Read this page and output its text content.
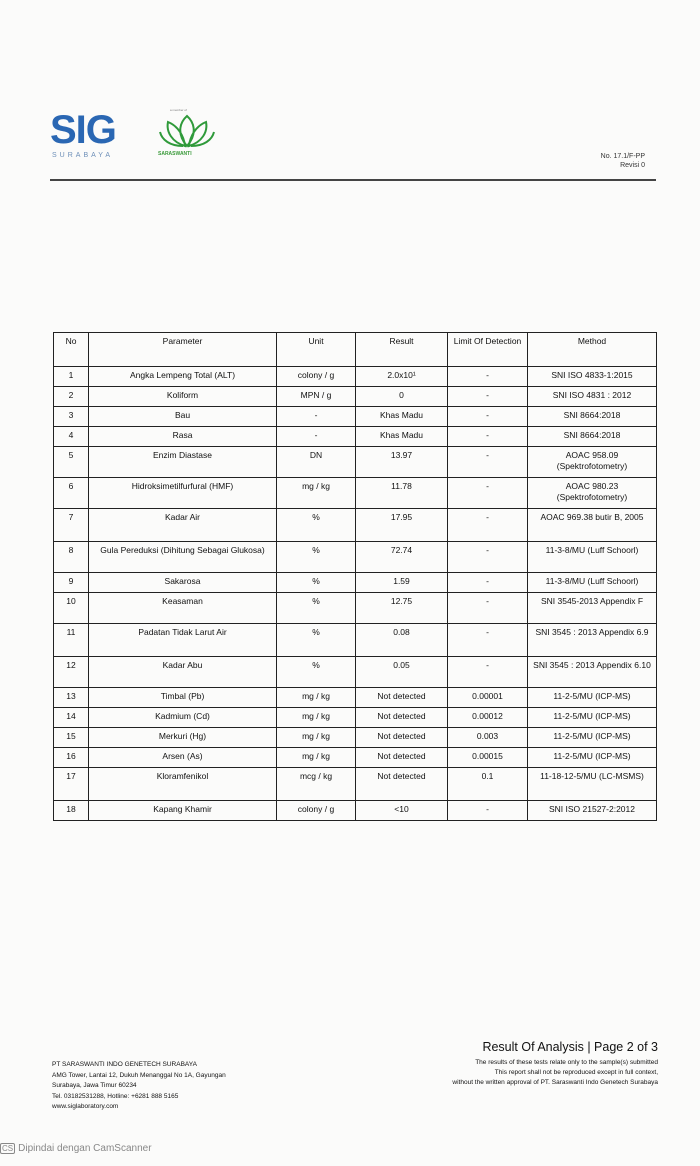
SIG
SURABAYA
a member of
SARASWANTI	No. 17.1/F-PP
Revisi 0
No	Parameter	Unit	Result	Limit Of Detection	Method
1	Angka Lempeng Total (ALT)	colony / g	2.0x10¹	-	SNI ISO 4833-1:2015
2	Koliform	MPN / g	0	-	SNI ISO 4831 : 2012
3	Bau	-	Khas Madu	-	SNI 8664:2018
4	Rasa	-	Khas Madu	-	SNI 8664:2018
5	Enzim Diastase	DN	13.97	-	AOAC 958.09 (Spektrofotometry)
6	Hidroksimetilfurfural (HMF)	mg / kg	11.78	-	AOAC 980.23 (Spektrofotometry)
7	Kadar Air	%	17.95	-	AOAC 969.38 butir B, 2005
8	Gula Pereduksi (Dihitung Sebagai Glukosa)	%	72.74	-	11-3-8/MU (Luff Schoorl)
9	Sakarosa	%	1.59	-	11-3-8/MU (Luff Schoorl)
10	Keasaman	%	12.75	-	SNI 3545-2013 Appendix F
11	Padatan Tidak Larut Air	%	0.08	-	SNI 3545 : 2013 Appendix 6.9
12	Kadar Abu	%	0.05	-	SNI 3545 : 2013 Appendix 6.10
13	Timbal (Pb)	mg / kg	Not detected	0.00001	11-2-5/MU (ICP-MS)
14	Kadmium (Cd)	mg / kg	Not detected	0.00012	11-2-5/MU (ICP-MS)
15	Merkuri (Hg)	mg / kg	Not detected	0.003	11-2-5/MU (ICP-MS)
16	Arsen (As)	mg / kg	Not detected	0.00015	11-2-5/MU (ICP-MS)
17	Kloramfenikol	mcg / kg	Not detected	0.1	11-18-12-5/MU (LC-MSMS)
18	Kapang Khamir	colony / g	<10	-	SNI ISO 21527-2:2012
Result Of Analysis | Page 2 of 3
The results of these tests relate only to the sample(s) submitted
This report shall not be reproduced except in full context,
without the written approval of PT. Saraswanti Indo Genetech Surabaya
PT SARASWANTI INDO GENETECH SURABAYA
AMG Tower, Lantai 12, Dukuh Menanggal No 1A, Gayungan
Surabaya, Jawa Timur 60234
Tel. 03182531288, Hotline: +6281 888 5165
www.siglaboratory.com
CS Dipindai dengan CamScanner
